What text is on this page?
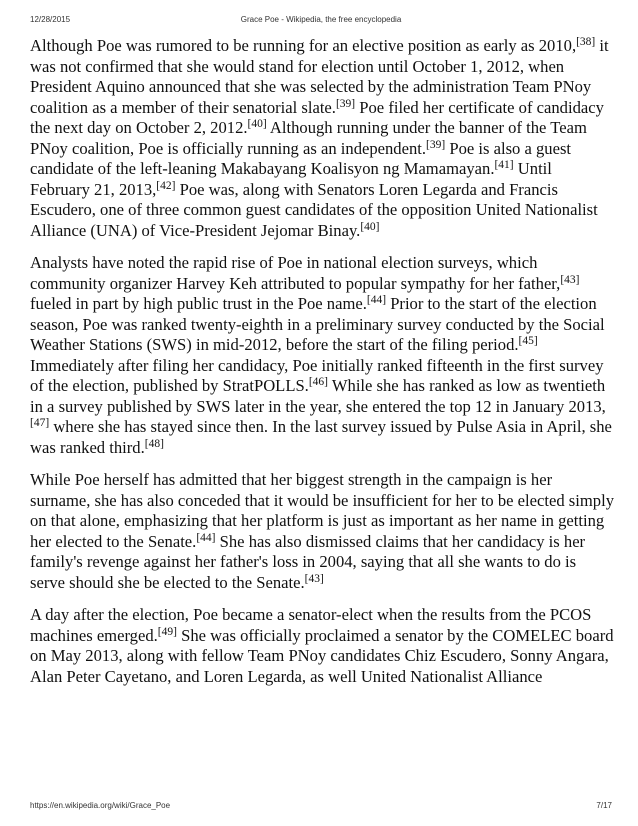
12/28/2015	Grace Poe - Wikipedia, the free encyclopedia

Although Poe was rumored to be running for an elective position as early as 2010,[38] it was not confirmed that she would stand for election until October 1, 2012, when President Aquino announced that she was selected by the administration Team PNoy coalition as a member of their senatorial slate.[39] Poe filed her certificate of candidacy the next day on October 2, 2012.[40] Although running under the banner of the Team PNoy coalition, Poe is officially running as an independent.[39] Poe is also a guest candidate of the left-leaning Makabayang Koalisyon ng Mamamayan.[41] Until February 21, 2013,[42] Poe was, along with Senators Loren Legarda and Francis Escudero, one of three common guest candidates of the opposition United Nationalist Alliance (UNA) of Vice-President Jejomar Binay.[40]

Analysts have noted the rapid rise of Poe in national election surveys, which community organizer Harvey Keh attributed to popular sympathy for her father,[43] fueled in part by high public trust in the Poe name.[44] Prior to the start of the election season, Poe was ranked twenty-eighth in a preliminary survey conducted by the Social Weather Stations (SWS) in mid-2012, before the start of the filing period.[45] Immediately after filing her candidacy, Poe initially ranked fifteenth in the first survey of the election, published by StratPOLLS.[46] While she has ranked as low as twentieth in a survey published by SWS later in the year, she entered the top 12 in January 2013,[47] where she has stayed since then. In the last survey issued by Pulse Asia in April, she was ranked third.[48]

While Poe herself has admitted that her biggest strength in the campaign is her surname, she has also conceded that it would be insufficient for her to be elected simply on that alone, emphasizing that her platform is just as important as her name in getting her elected to the Senate.[44] She has also dismissed claims that her candidacy is her family's revenge against her father's loss in 2004, saying that all she wants to do is serve should she be elected to the Senate.[43]

A day after the election, Poe became a senator-elect when the results from the PCOS machines emerged.[49] She was officially proclaimed a senator by the COMELEC board on May 2013, along with fellow Team PNoy candidates Chiz Escudero, Sonny Angara, Alan Peter Cayetano, and Loren Legarda, as well United Nationalist Alliance

https://en.wikipedia.org/wiki/Grace_Poe	7/17
